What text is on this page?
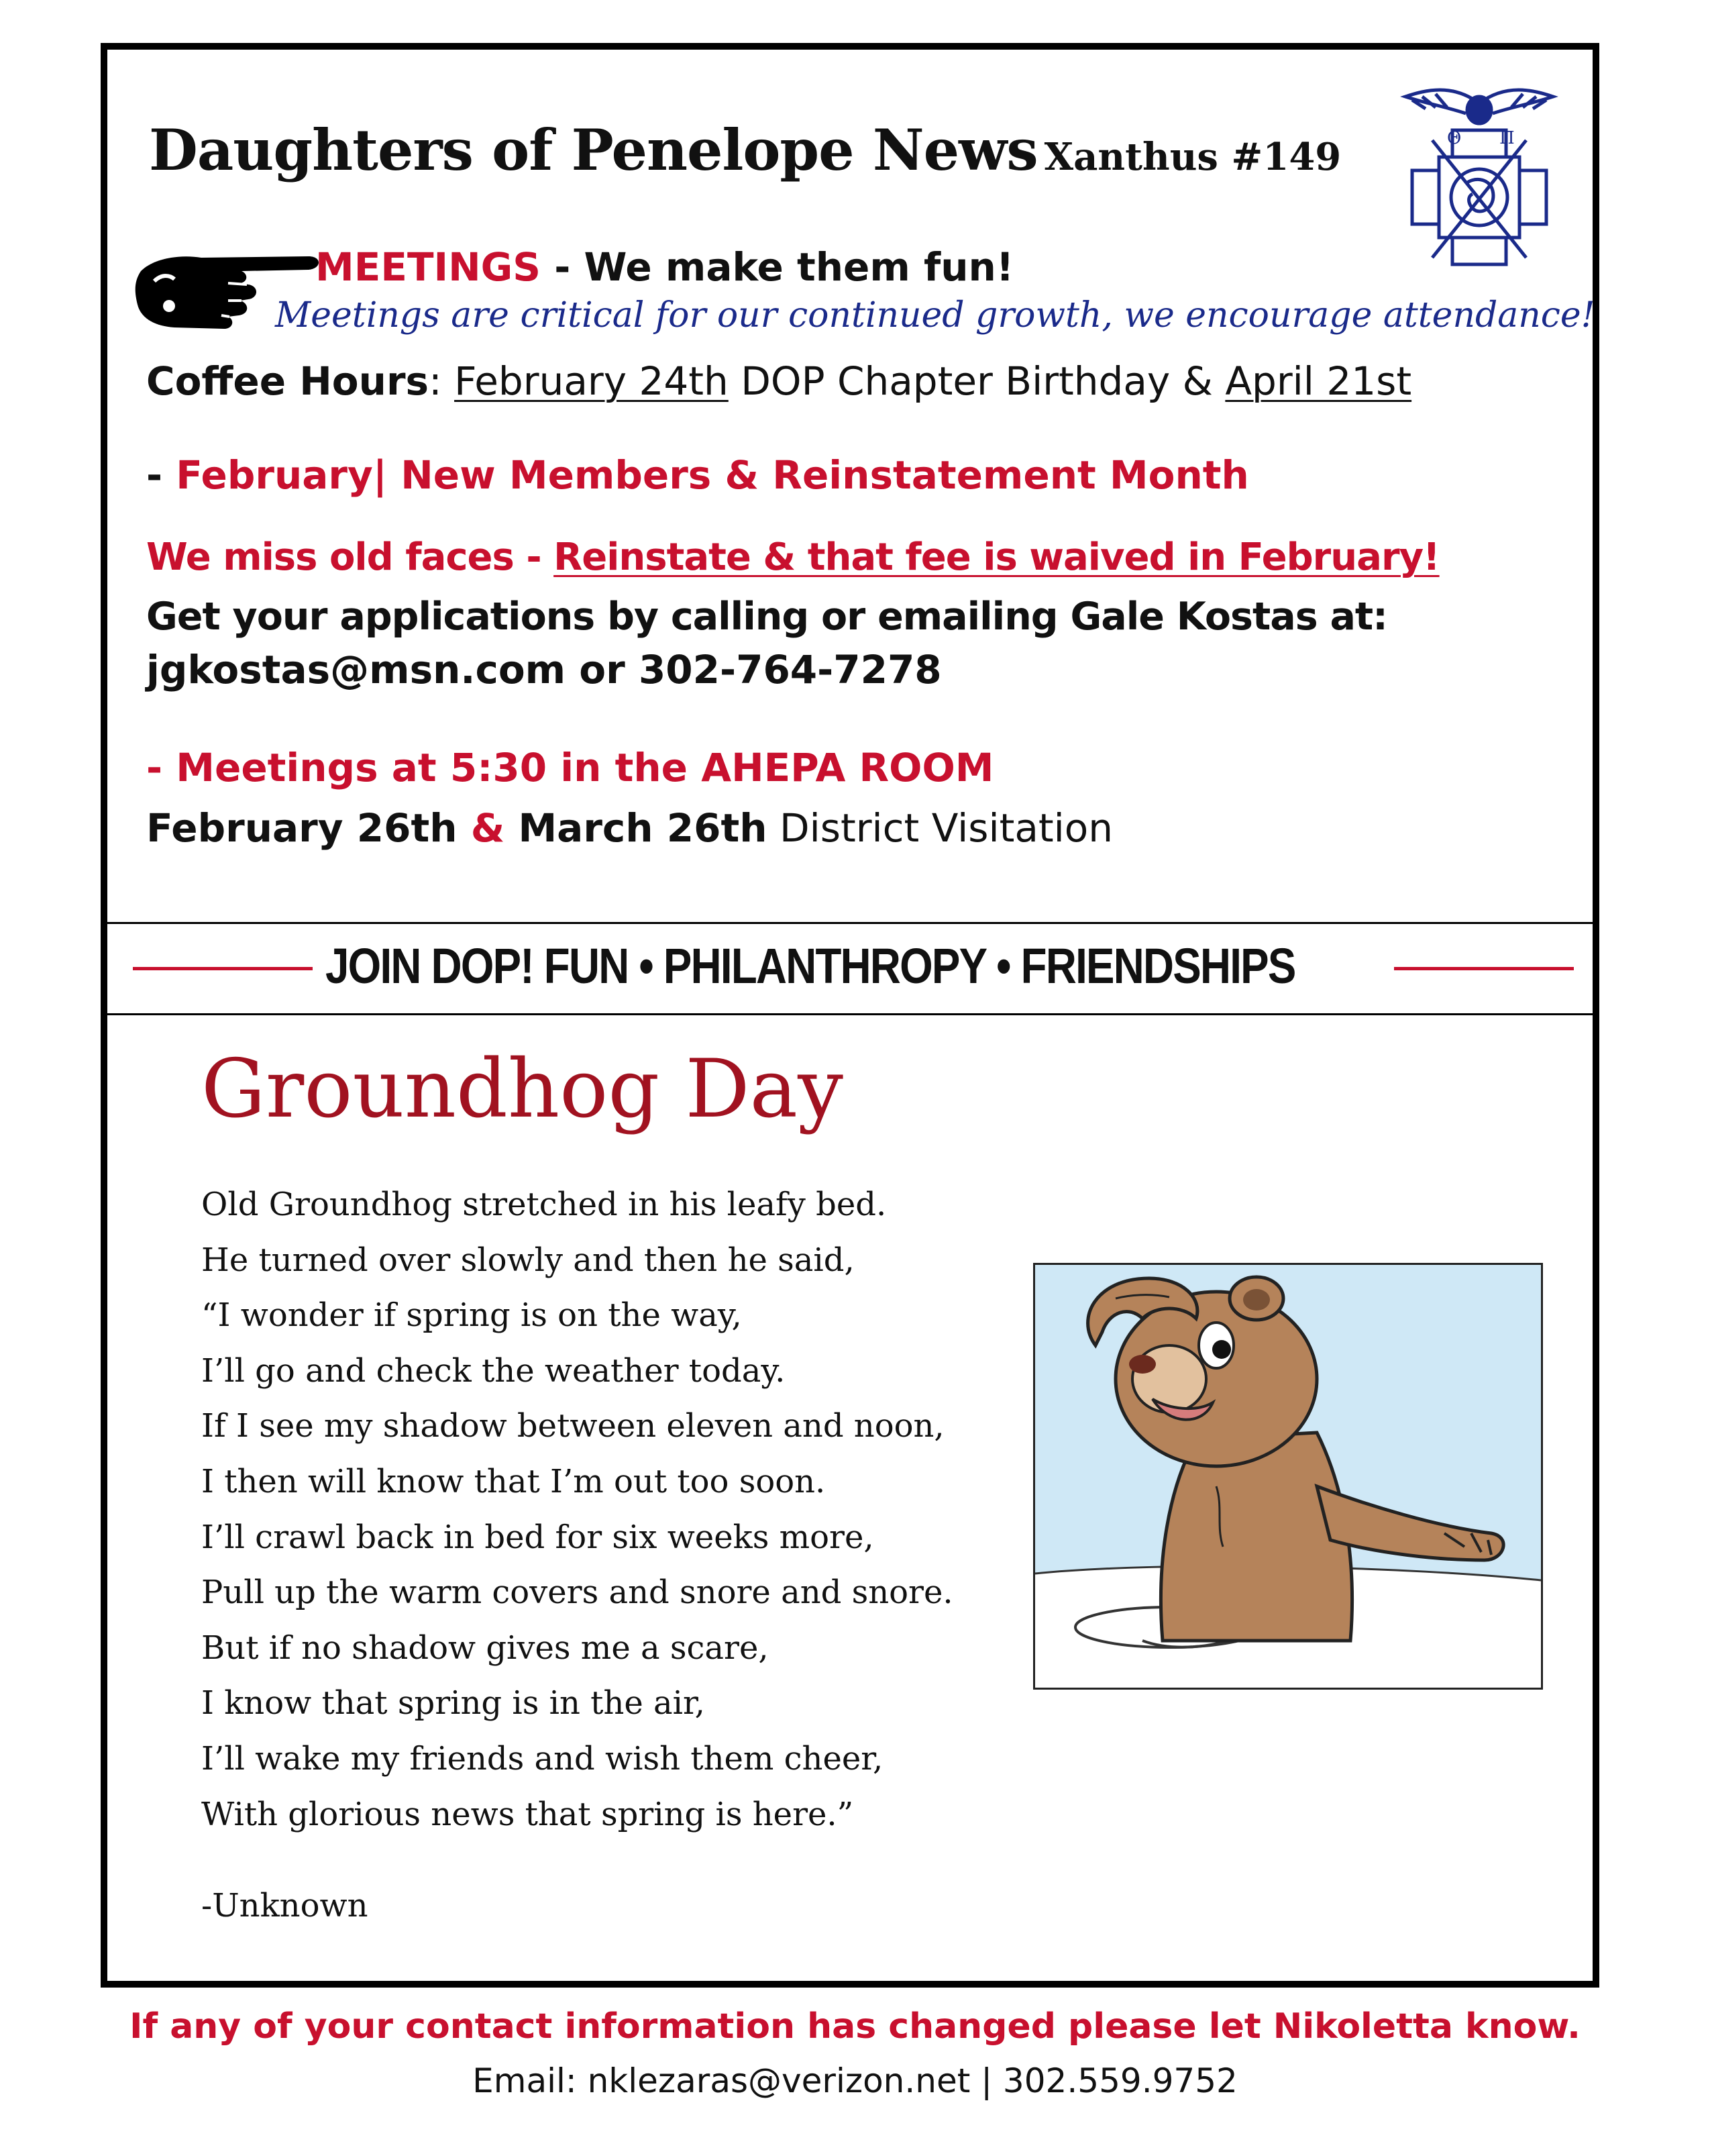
Daughters of Penelope News Xanthus #149	Θ Π
MEETINGS - We make them fun!
Meetings are critical for our continued growth, we encourage attendance!
Coffee Hours: February 24th DOP Chapter Birthday & April 21st
- February| New Members & Reinstatement Month
We miss old faces - Reinstate & that fee is waived in February!
Get your applications by calling or emailing Gale Kostas at:
jgkostas@msn.com or 302-764-7278
- Meetings at 5:30 in the AHEPA ROOM
February 26th & March 26th District Visitation
JOIN DOP! FUN • PHILANTHROPY • FRIENDSHIPS
Groundhog Day
Old Groundhog stretched in his leafy bed.
He turned over slowly and then he said,
“I wonder if spring is on the way,
I’ll go and check the weather today.
If I see my shadow between eleven and noon,
I then will know that I’m out too soon.
I’ll crawl back in bed for six weeks more,
Pull up the warm covers and snore and snore.
But if no shadow gives me a scare,
I know that spring is in the air,
I’ll wake my friends and wish them cheer,
With glorious news that spring is here.”
-Unknown
If any of your contact information has changed please let Nikoletta know.
Email: nklezaras@verizon.net | 302.559.9752
